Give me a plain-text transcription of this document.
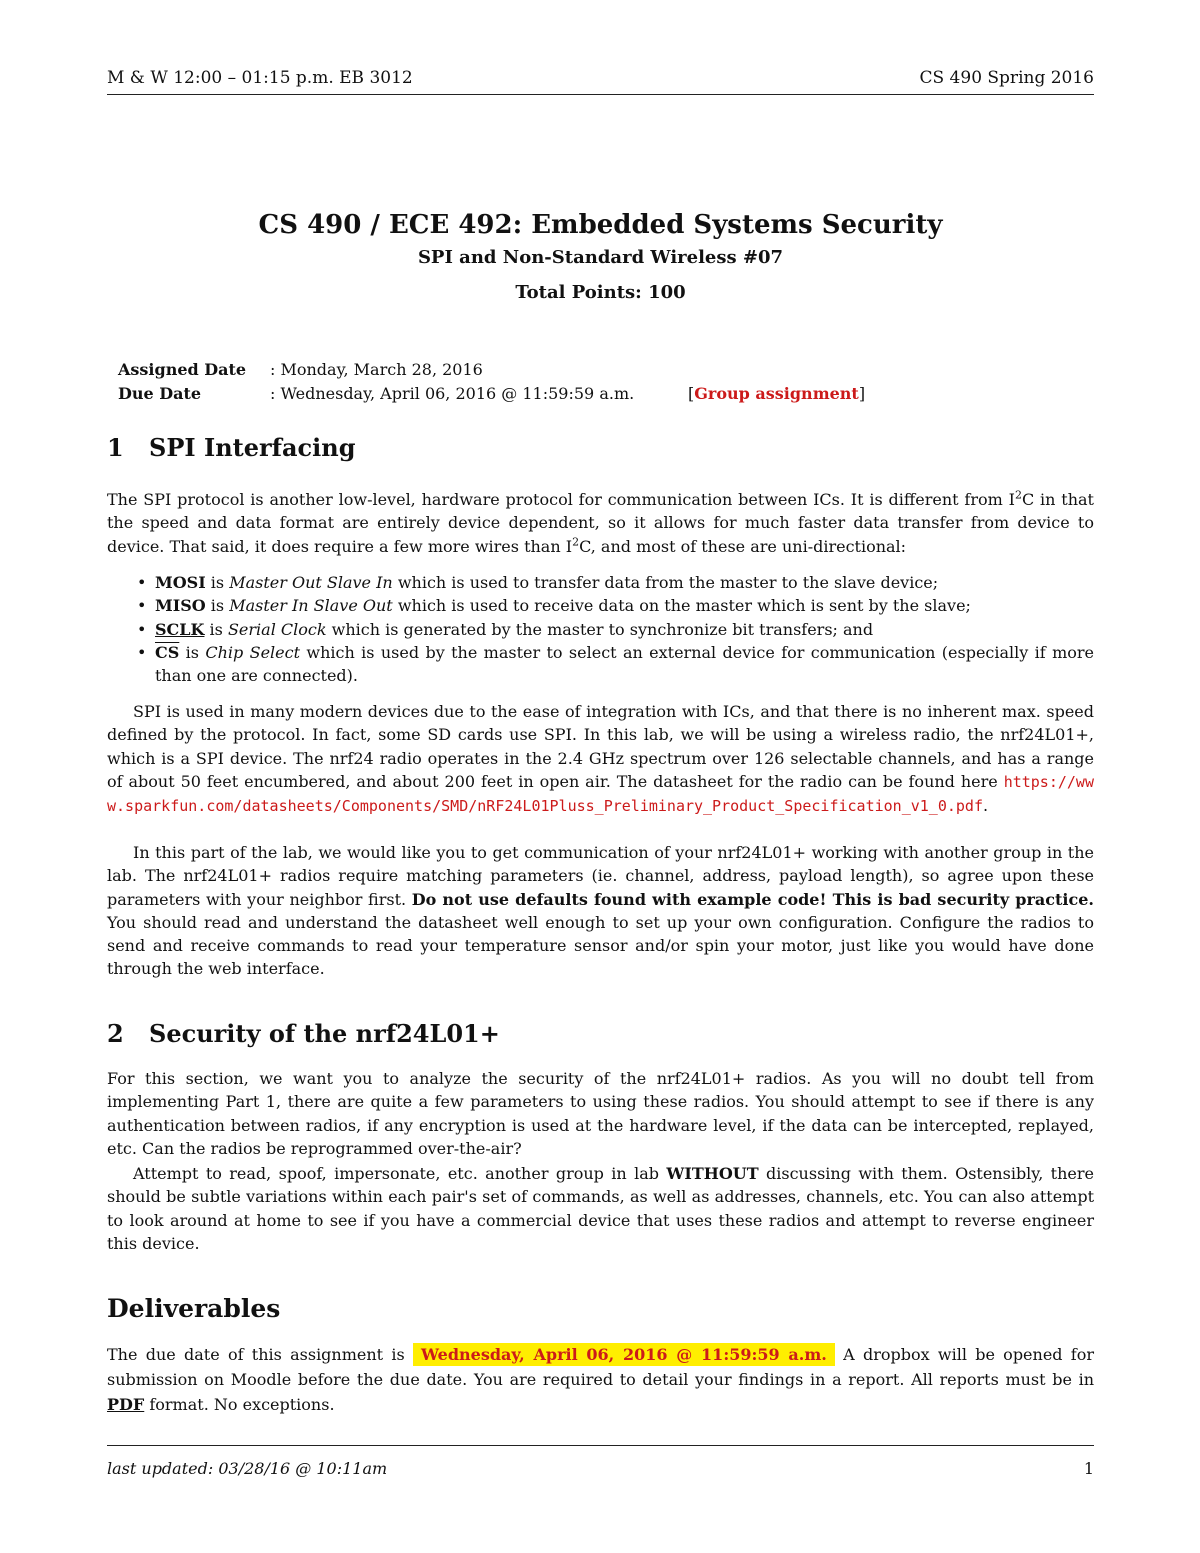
M & W 12:00 – 01:15 p.m. EB 3012	CS 490 Spring 2016
CS 490 / ECE 492: Embedded Systems Security
SPI and Non-Standard Wireless #07
Total Points: 100
Assigned Date : Monday, March 28, 2016
Due Date	: Wednesday, April 06, 2016 @ 11:59:59 a.m.	[Group assignment]
1 SPI Interfacing
The SPI protocol is another low-level, hardware protocol for communication between ICs. It is different from $I^2C$ in that the speed and data format are entirely device dependent, so it allows for much faster data transfer from device to device. That said, it does require a few more wires than $I^2C$, and most of these are uni-directional:
• MOSI is Master Out Slave In which is used to transfer data from the master to the slave device;
• MISO is Master In Slave Out which is used to receive data on the master which is sent by the slave;
• SCLK is Serial Clock which is generated by the master to synchronize bit transfers; and
• $\overline{CS}$ is Chip Select which is used by the master to select an external device for communication (especially if more than one are connected).
SPI is used in many modern devices due to the ease of integration with ICs, and that there is no inherent max. speed defined by the protocol. In fact, some SD cards use SPI. In this lab, we will be using a wireless radio, the nrf24L01+, which is a SPI device. The nrf24 radio operates in the 2.4 GHz spectrum over 126 selectable channels, and has a range of about 50 feet encumbered, and about 200 feet in open air. The datasheet for the radio can be found here https://www.sparkfun.com/datasheets/Components/SMD/nRF24L01Pluss_Preliminary_Product_Specification_v1_0.pdf.
In this part of the lab, we would like you to get communication of your nrf24L01+ working with another group in the lab. The nrf24L01+ radios require matching parameters (ie. channel, address, payload length), so agree upon these parameters with your neighbor first. Do not use defaults found with example code! This is bad security practice. You should read and understand the datasheet well enough to set up your own configuration. Configure the radios to send and receive commands to read your temperature sensor and/or spin your motor, just like you would have done through the web interface.
2 Security of the nrf24L01+
For this section, we want you to analyze the security of the nrf24L01+ radios. As you will no doubt tell from implementing Part 1, there are quite a few parameters to using these radios. You should attempt to see if there is any authentication between radios, if any encryption is used at the hardware level, if the data can be intercepted, replayed, etc. Can the radios be reprogrammed over-the-air?
Attempt to read, spoof, impersonate, etc. another group in lab WITHOUT discussing with them. Ostensibly, there should be subtle variations within each pair's set of commands, as well as addresses, channels, etc. You can also attempt to look around at home to see if you have a commercial device that uses these radios and attempt to reverse engineer this device.
Deliverables
The due date of this assignment is Wednesday, April 06, 2016 @ 11:59:59 a.m. A dropbox will be opened for submission on Moodle before the due date. You are required to detail your findings in a report. All reports must be in PDF format. No exceptions.
last updated: 03/28/16 @ 10:11am	1
